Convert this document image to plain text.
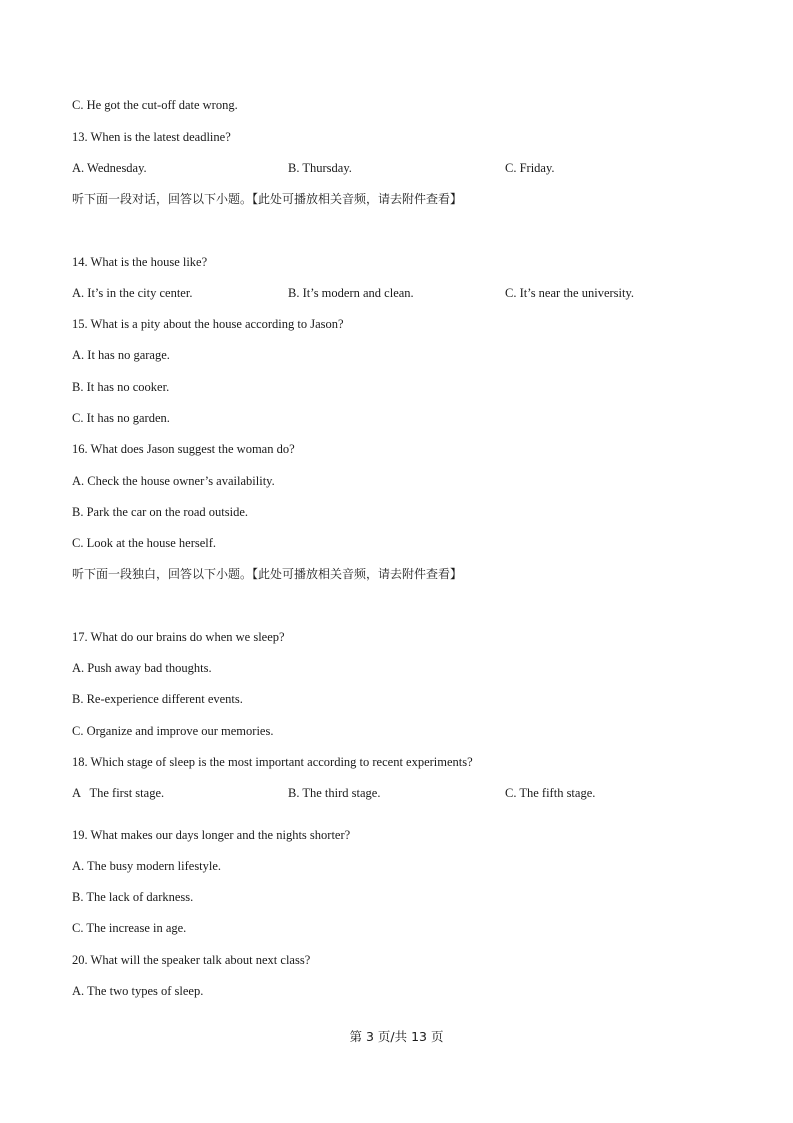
C. He got the cut-off date wrong.
13. When is the latest deadline?
A. Wednesday.	B. Thursday.	C. Friday.
听下面一段对话，回答以下小题。【此处可播放相关音频，请去附件查看】
14. What is the house like?
A. It’s in the city center.	B. It’s modern and clean.	C. It’s near the university.
15. What is a pity about the house according to Jason?
A. It has no garage.
B. It has no cooker.
C. It has no garden.
16. What does Jason suggest the woman do?
A. Check the house owner’s availability.
B. Park the car on the road outside.
C. Look at the house herself.
听下面一段独白，回答以下小题。【此处可播放相关音频，请去附件查看】
17. What do our brains do when we sleep?
A. Push away bad thoughts.
B. Re-experience different events.
C. Organize and improve our memories.
18. Which stage of sleep is the most important according to recent experiments?
A   The first stage.	B. The third stage.	C. The fifth stage.
19. What makes our days longer and the nights shorter?
A. The busy modern lifestyle.
B. The lack of darkness.
C. The increase in age.
20. What will the speaker talk about next class?
A. The two types of sleep.
第 3 页/共 13 页
